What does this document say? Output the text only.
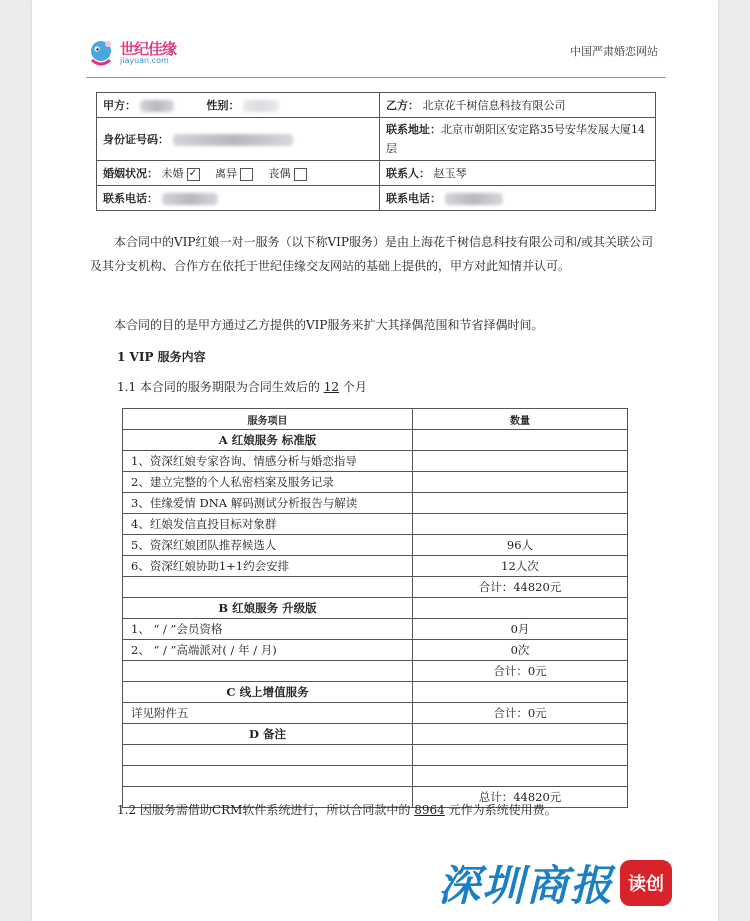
世纪佳缘
jiayuan.com
中国严肃婚恋网站
甲方： 性别：	乙方： 北京花千树信息科技有限公司
身份证号码：	联系地址：北京市朝阳区安定路35号安华发展大厦14层
婚姻状况： 未婚 ✓ 离异 丧偶	联系人： 赵玉琴
联系电话：	联系电话：
本合同中的VIP红娘一对一服务（以下称VIP服务）是由上海花千树信息科技有限公司和/或其关联公司及其分支机构、合作方在依托于世纪佳缘交友网站的基础上提供的，甲方对此知情并认可。
本合同的目的是甲方通过乙方提供的VIP服务来扩大其择偶范围和节省择偶时间。
1 VIP 服务内容
1.1 本合同的服务期限为合同生效后的 12 个月
服务项目	数量
A 红娘服务 标准版	
1、资深红娘专家咨询、情感分析与婚恋指导	
2、建立完整的个人私密档案及服务记录	
3、佳缘爱情 DNA 解码测试分析报告与解读	
4、红娘发信直投目标对象群	
5、资深红娘团队推荐候选人	96人
6、资深红娘协助1+1约会安排	12人次
	合计：44820元
B 红娘服务 升级版	
1、 “ / ”会员资格	0月
2、 “ / ”高端派对( / 年 / 月)	0次
	合计：0元
C 线上增值服务	
详见附件五	合计：0元
D 备注	

	总计：44820元
1.2 因服务需借助CRM软件系统进行，所以合同款中的 8964 元作为系统使用费。
深圳商报 读创
